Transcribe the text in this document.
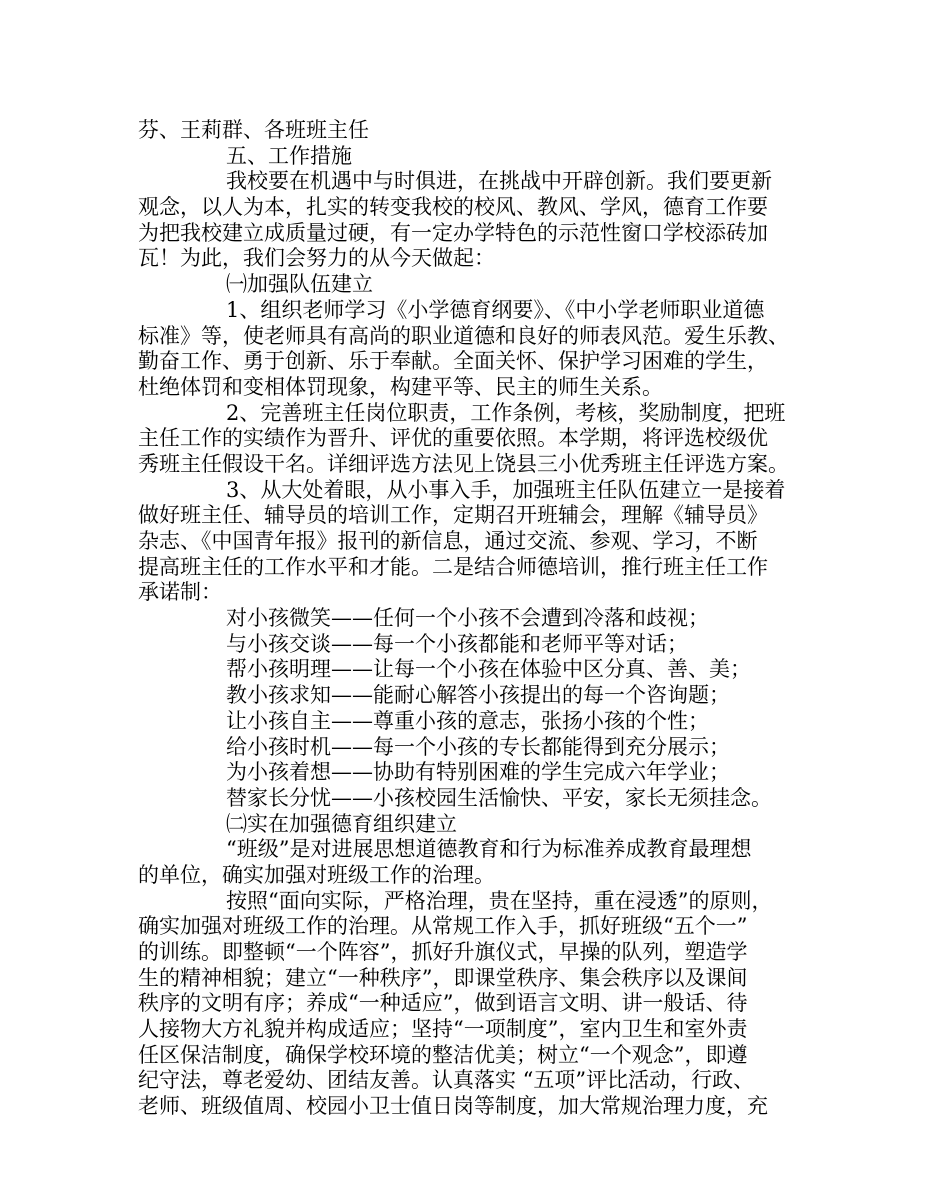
芬、王莉群、各班班主任
五、工作措施
我校要在机遇中与时俱进，在挑战中开辟创新。我们要更新
观念，以人为本，扎实的转变我校的校风、教风、学风，德育工作要
为把我校建立成质量过硬，有一定办学特色的示范性窗口学校添砖加
瓦！为此，我们会努力的从今天做起：
㈠加强队伍建立
1、组织老师学习《小学德育纲要》、《中小学老师职业道德
标准》等，使老师具有高尚的职业道德和良好的师表风范。爱生乐教、
勤奋工作、勇于创新、乐于奉献。全面关怀、保护学习困难的学生，
杜绝体罚和变相体罚现象，构建平等、民主的师生关系。
2、完善班主任岗位职责，工作条例，考核，奖励制度，把班
主任工作的实绩作为晋升、评优的重要依照。本学期，将评选校级优
秀班主任假设干名。详细评选方法见上饶县三小优秀班主任评选方案。
3、从大处着眼，从小事入手，加强班主任队伍建立一是接着
做好班主任、辅导员的培训工作，定期召开班辅会，理解《辅导员》
杂志、《中国青年报》报刊的新信息，通过交流、参观、学习，不断
提高班主任的工作水平和才能。二是结合师德培训，推行班主任工作
承诺制：
对小孩微笑——任何一个小孩不会遭到冷落和歧视；
与小孩交谈——每一个小孩都能和老师平等对话；
帮小孩明理——让每一个小孩在体验中区分真、善、美；
教小孩求知——能耐心解答小孩提出的每一个咨询题；
让小孩自主——尊重小孩的意志，张扬小孩的个性；
给小孩时机——每一个小孩的专长都能得到充分展示；
为小孩着想——协助有特别困难的学生完成六年学业；
替家长分忧——小孩校园生活愉快、平安，家长无须挂念。
㈡实在加强德育组织建立
“班级”是对进展思想道德教育和行为标准养成教育最理想
的单位，确实加强对班级工作的治理。
按照“面向实际，严格治理，贵在坚持，重在浸透”的原则，
确实加强对班级工作的治理。从常规工作入手，抓好班级“五个一”
的训练。即整顿“一个阵容”，抓好升旗仪式，早操的队列，塑造学
生的精神相貌；建立“一种秩序”，即课堂秩序、集会秩序以及课间
秩序的文明有序；养成“一种适应”，做到语言文明、讲一般话、待
人接物大方礼貌并构成适应；坚持“一项制度”，室内卫生和室外责
任区保洁制度，确保学校环境的整洁优美；树立“一个观念”，即遵
纪守法，尊老爱幼、团结友善。认真落实 “五项”评比活动，行政、
老师、班级值周、校园小卫士值日岗等制度，加大常规治理力度，充
